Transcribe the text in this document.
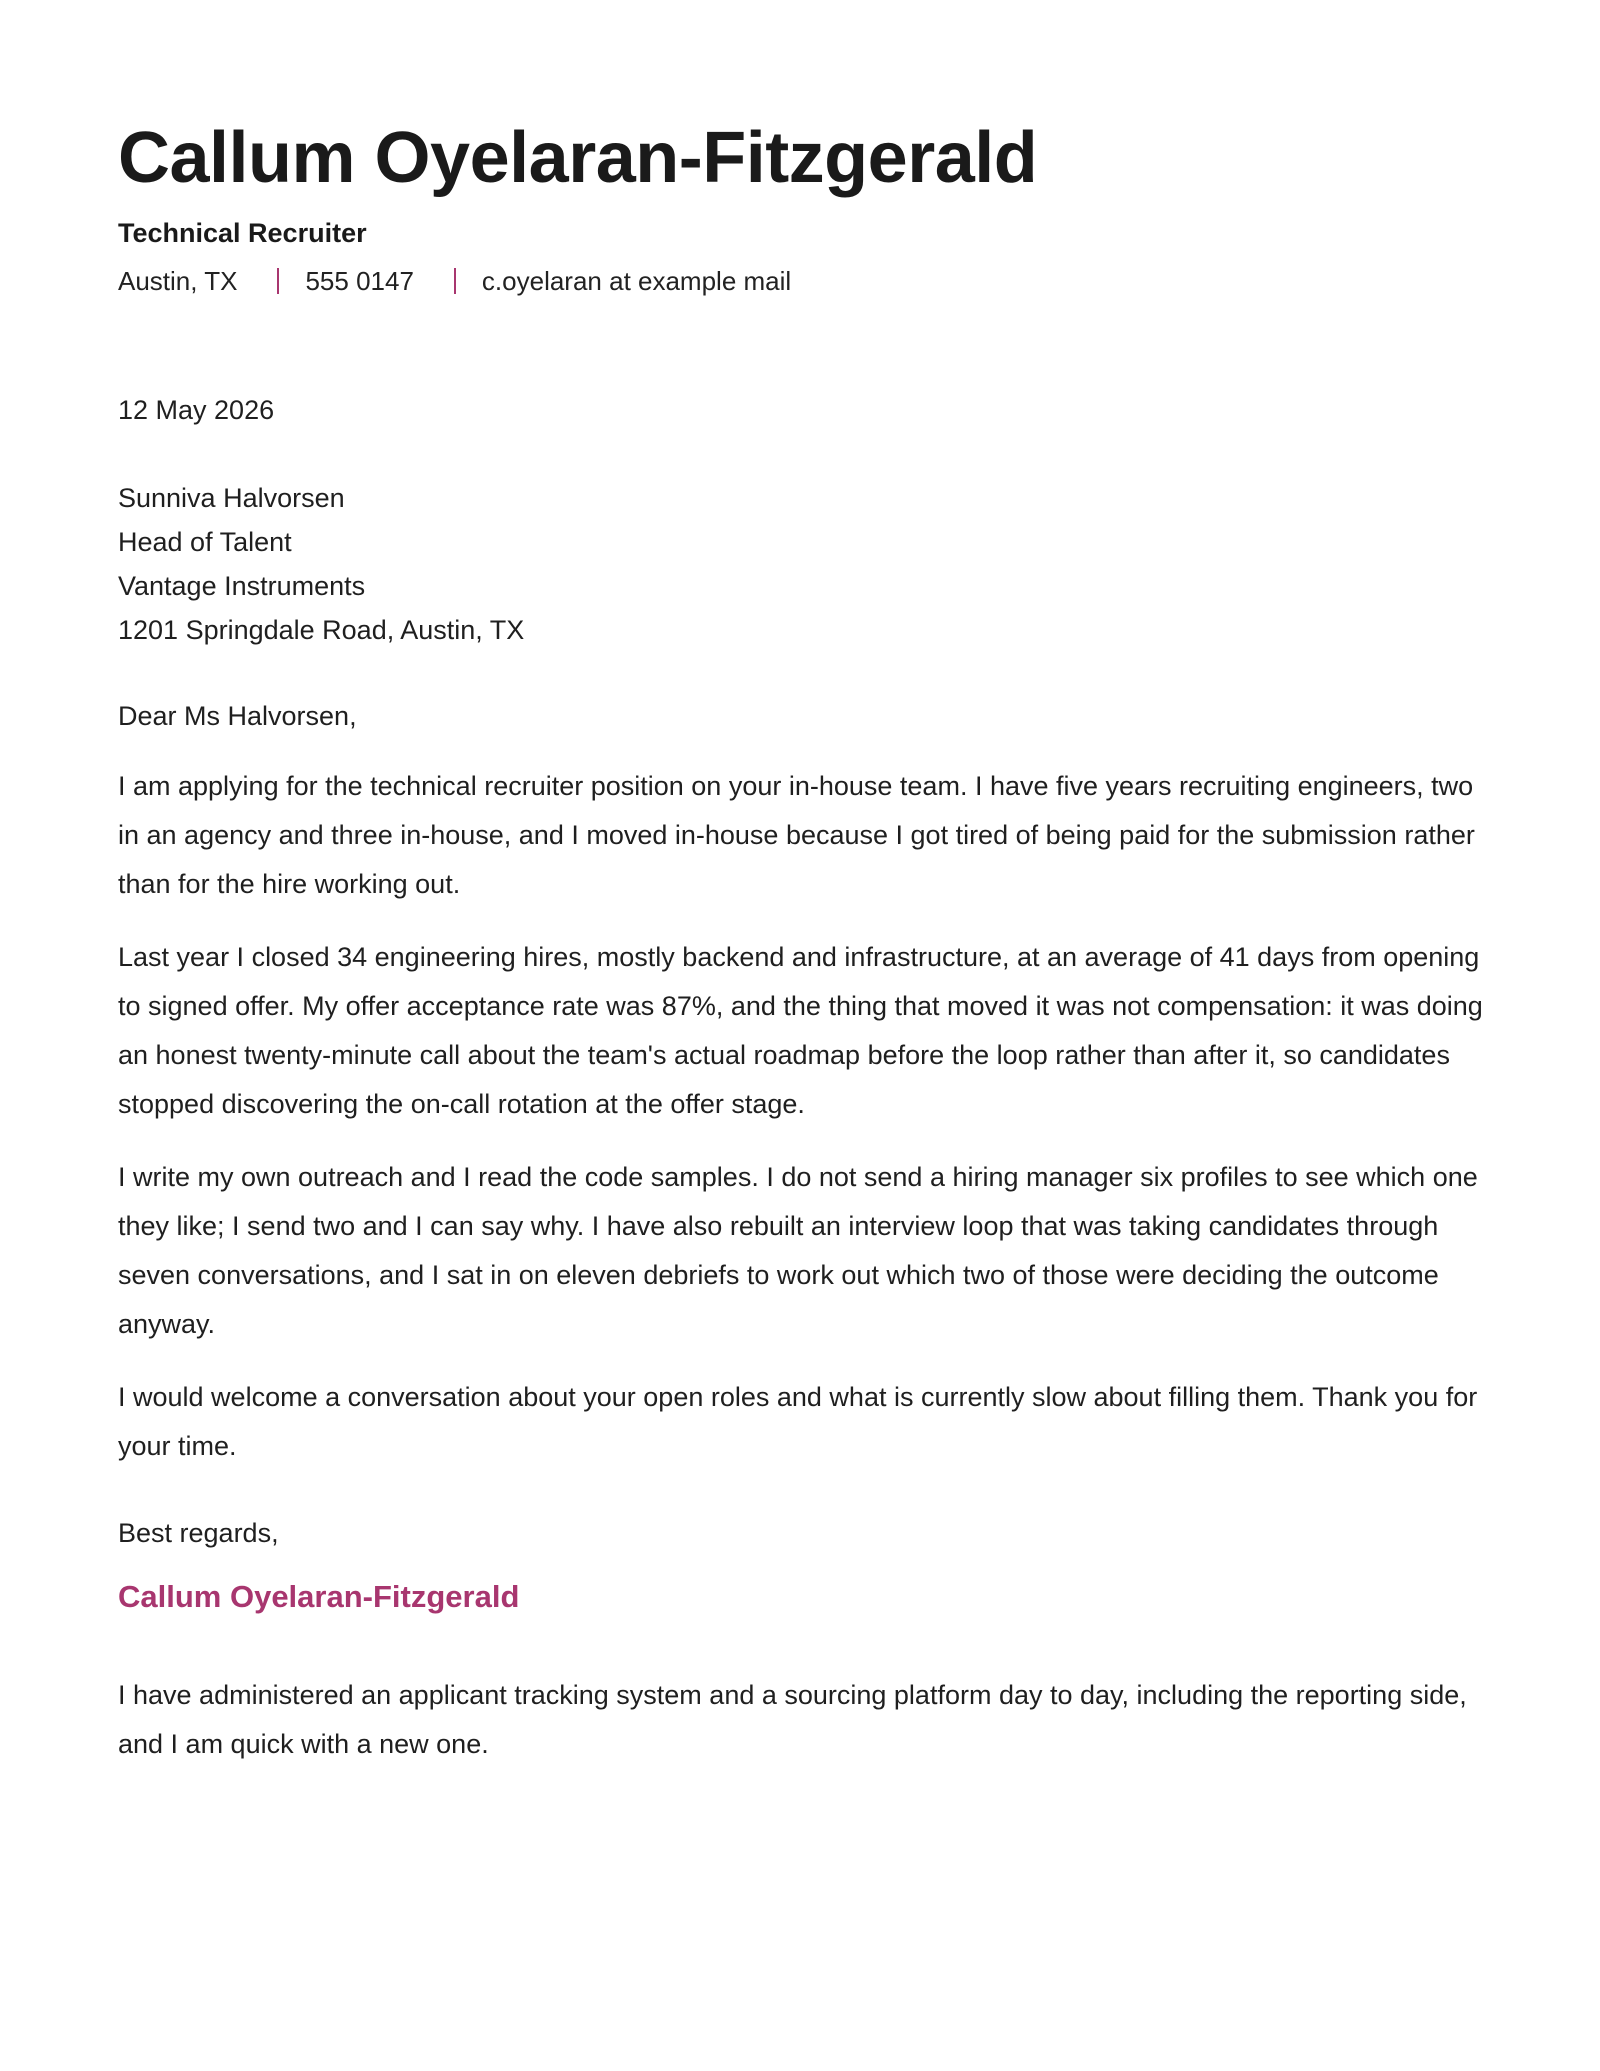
Callum Oyelaran-Fitzgerald
Technical Recruiter
Austin, TX	555 0147	c.oyelaran at example mail
12 May 2026
Sunniva Halvorsen
Head of Talent
Vantage Instruments
1201 Springdale Road, Austin, TX
Dear Ms Halvorsen,

I am applying for the technical recruiter position on your in-house team. I have five years recruiting engineers, two in an agency and three in-house, and I moved in-house because I got tired of being paid for the submission rather than for the hire working out.

Last year I closed 34 engineering hires, mostly backend and infrastructure, at an average of 41 days from opening to signed offer. My offer acceptance rate was 87%, and the thing that moved it was not compensation: it was doing an honest twenty-minute call about the team's actual roadmap before the loop rather than after it, so candidates stopped discovering the on-call rotation at the offer stage.

I write my own outreach and I read the code samples. I do not send a hiring manager six profiles to see which one they like; I send two and I can say why. I have also rebuilt an interview loop that was taking candidates through seven conversations, and I sat in on eleven debriefs to work out which two of those were deciding the outcome anyway.

I would welcome a conversation about your open roles and what is currently slow about filling them. Thank you for your time.

Best regards,
Callum Oyelaran-Fitzgerald
I have administered an applicant tracking system and a sourcing platform day to day, including the reporting side, and I am quick with a new one.
